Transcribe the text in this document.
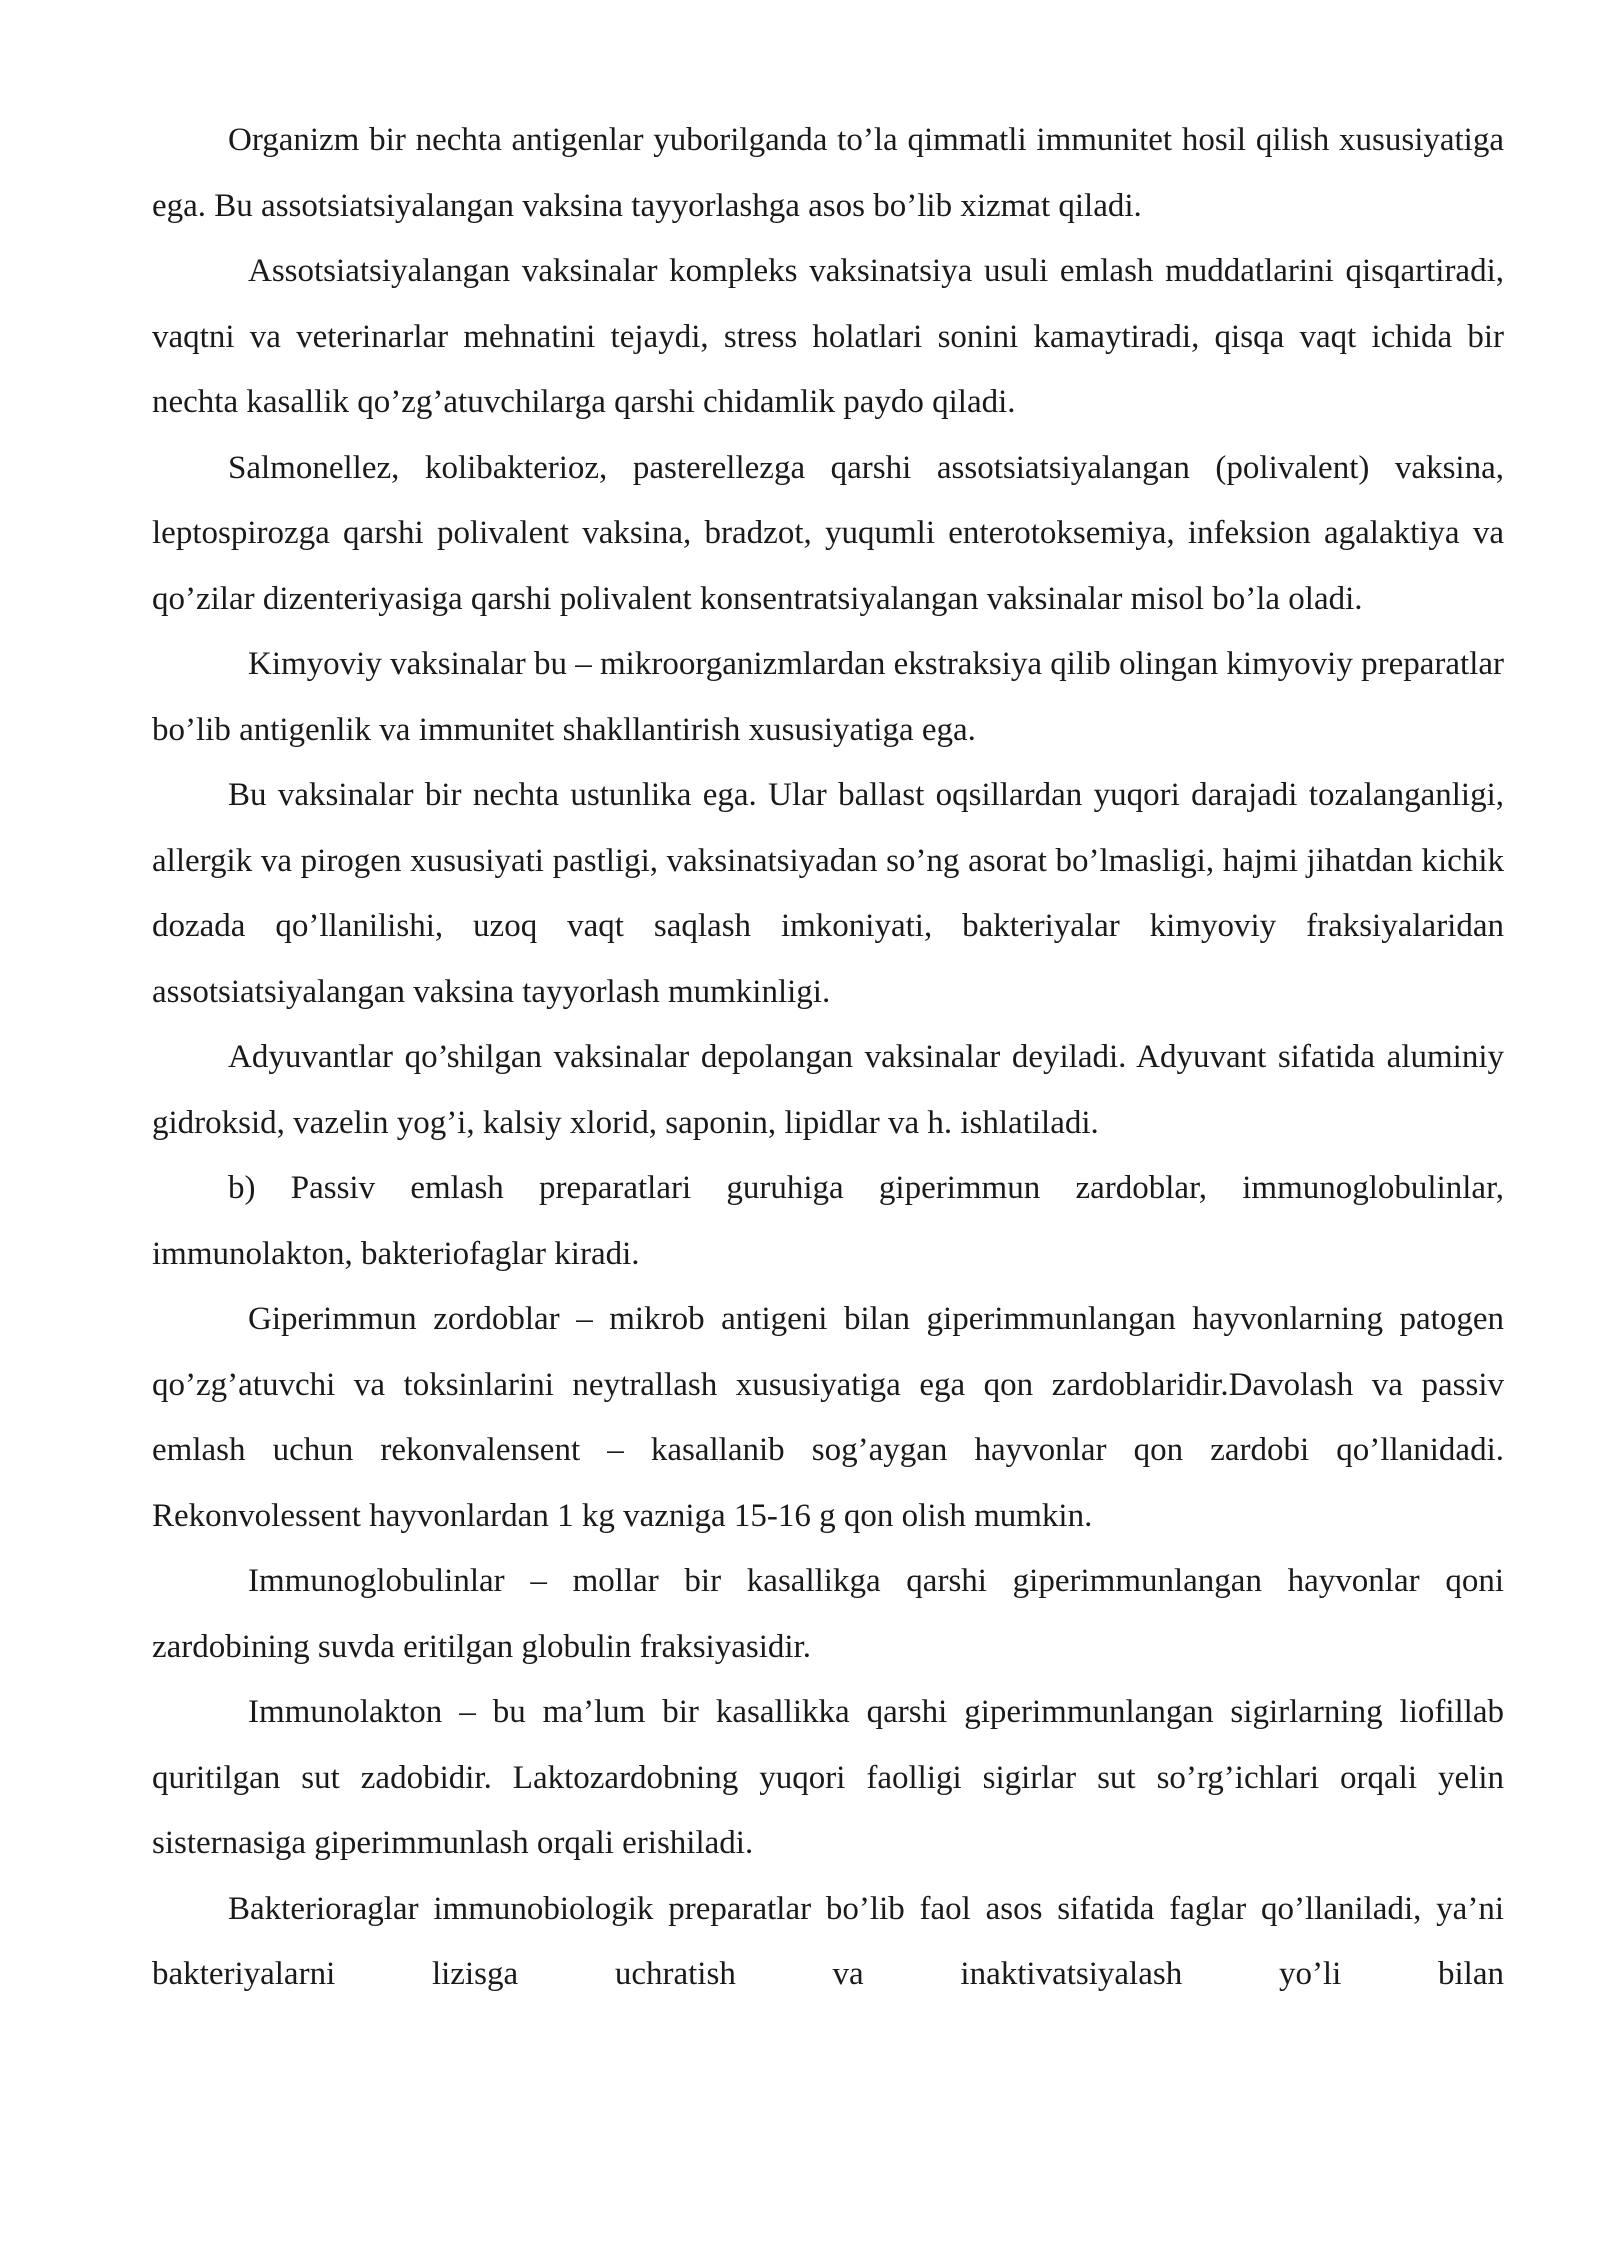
Organizm bir nechta antigenlar yuborilganda to’la qimmatli immunitet hosil qilish xususiyatiga ega. Bu assotsiatsiyalangan vaksina tayyorlashga asos bo’lib xizmat qiladi.

Assotsiatsiyalangan vaksinalar kompleks vaksinatsiya usuli emlash muddatlarini qisqartiradi, vaqtni va veterinarlar mehnatini tejaydi, stress holatlari sonini kamaytiradi, qisqa vaqt ichida bir nechta kasallik qo’zg’atuvchilarga qarshi chidamlik paydo qiladi.

Salmonellez, kolibakterioz, pasterellezga qarshi assotsiatsiyalangan (polivalent) vaksina, leptospirozga qarshi polivalent vaksina, bradzot, yuqumli enterotoksemiya, infeksion agalaktiya va qo’zilar dizenteriyasiga qarshi polivalent konsentratsiyalangan vaksinalar misol bo’la oladi.

Kimyoviy vaksinalar bu – mikroorganizmlardan ekstraksiya qilib olingan kimyoviy preparatlar bo’lib antigenlik va immunitet shakllantirish xususiyatiga ega.

Bu vaksinalar bir nechta ustunlika ega. Ular ballast oqsillardan yuqori darajadi tozalanganligi, allergik va pirogen xususiyati pastligi, vaksinatsiyadan so’ng asorat bo’lmasligi, hajmi jihatdan kichik dozada qo’llanilishi, uzoq vaqt saqlash imkoniyati, bakteriyalar kimyoviy fraksiyalaridan assotsiatsiyalangan vaksina tayyorlash mumkinligi.

Adyuvantlar qo’shilgan vaksinalar depolangan vaksinalar deyiladi. Adyuvant sifatida aluminiy gidroksid, vazelin yog’i, kalsiy xlorid, saponin, lipidlar va h. ishlatiladi.

b) Passiv emlash preparatlari guruhiga giperimmun zardoblar, immunoglobulinlar, immunolakton, bakteriofaglar kiradi.

Giperimmun zordoblar – mikrob antigeni bilan giperimmunlangan hayvonlarning patogen qo’zg’atuvchi va toksinlarini neytrallash xususiyatiga ega qon zardoblaridir.Davolash va passiv emlash uchun rekonvalensent – kasallanib sog’aygan hayvonlar qon zardobi qo’llanidadi. Rekonvolessent hayvonlardan 1 kg vazniga 15-16 g qon olish mumkin.

Immunoglobulinlar – mollar bir kasallikga qarshi giperimmunlangan hayvonlar qoni zardobining suvda eritilgan globulin fraksiyasidir.

Immunolakton – bu ma’lum bir kasallikka qarshi giperimmunlangan sigirlarning liofillab quritilgan sut zadobidir. Laktozardobning yuqori faolligi sigirlar sut so’rg’ichlari orqali yelin sisternasiga giperimmunlash orqali erishiladi.

Bakterioraglar immunobiologik preparatlar bo’lib faol asos sifatida faglar qo’llaniladi, ya’ni bakteriyalarni lizisga uchratish va inaktivatsiyalash yo’li bilan
